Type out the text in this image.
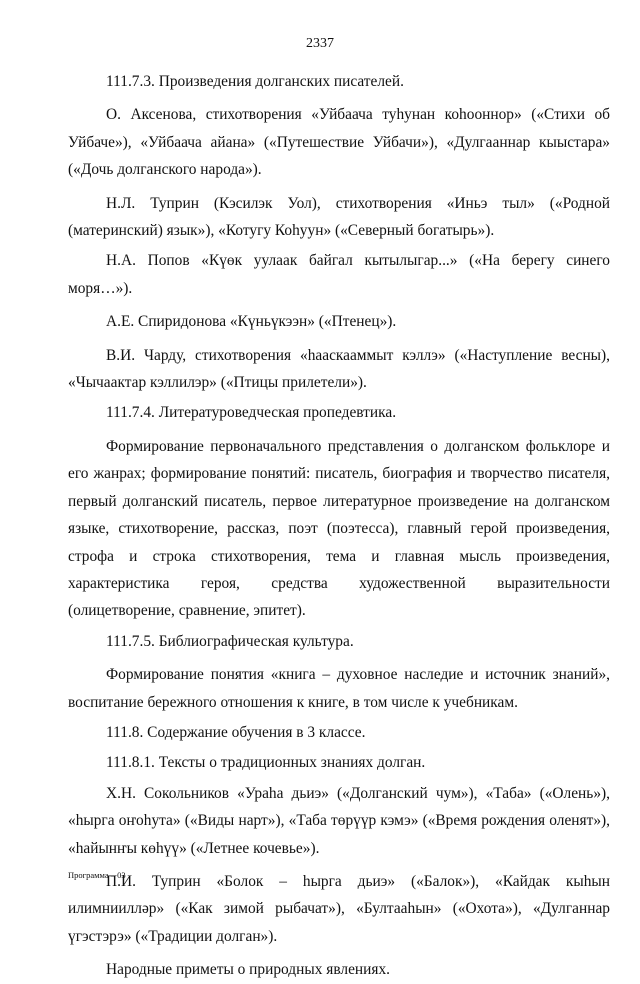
2337

111.7.3. Произведения долганских писателей.

О. Аксенова, стихотворения «Уйбаача туhунан коhооннор» («Стихи об Уйбаче»), «Уйбаача айана» («Путешествие Уйбачи»), «Дулгааннар кыыстара» («Дочь долганского народа»).

Н.Л. Туприн (Кэсилэк Уол), стихотворения «Иньэ тыл» («Родной (материнский) язык»), «Котугу Коhуун» («Северный богатырь»).

Н.А. Попов «Күөк уулаак байгал кытылыгар...» («На берегу синего моря…»).

А.Е. Спиридонова «Күньүкээн» («Птенец»).

В.И. Чарду, стихотворения «hааскааммыт кэллэ» («Наступление весны), «Чычаактар кэллилэр» («Птицы прилетели»).

111.7.4. Литературоведческая пропедевтика.

Формирование первоначального представления о долганском фольклоре и его жанрах; формирование понятий: писатель, биография и творчество писателя, первый долганский писатель, первое литературное произведение на долганском языке, стихотворение, рассказ, поэт (поэтесса), главный герой произведения, строфа и строка стихотворения, тема и главная мысль произведения, характеристика героя, средства художественной выразительности (олицетворение, сравнение, эпитет).

111.7.5. Библиографическая культура.

Формирование понятия «книга – духовное наследие и источник знаний», воспитание бережного отношения к книге, в том числе к учебникам.

111.8. Содержание обучения в 3 классе.

111.8.1. Тексты о традиционных знаниях долган.

Х.Н. Сокольников «Ураhа дьиэ» («Долганский чум»), «Таба» («Олень»), «hырга оҥоhута» («Виды нарт»), «Таба төрүүр кэмэ» («Время рождения оленят»), «hайынҥы көhүү» («Летнее кочевье»).

П.И. Туприн «Болок – hырга дьиэ» («Балок»), «Кайдак кыhын илимниилләр» («Как зимой рыбачат»), «Бултааhын» («Охота»), «Дулганнар үгэстэрэ» («Традиции долган»).

Народные приметы о природных явлениях.

Программа – 03
